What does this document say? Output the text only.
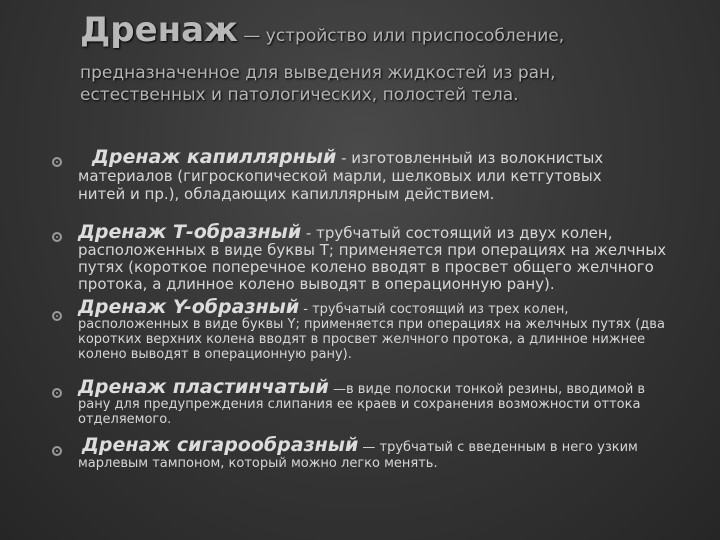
Дренаж — устройство или приспособление,
предназначенное для выведения жидкостей из ран, естественных и патологических, полостей тела.
Дренаж капиллярный - изготовленный из волокнистых материалов (гигроскопической марли, шелковых или кетгутовых нитей и пр.), обладающих капиллярным действием.
Дренаж Т-образный - трубчатый состоящий из двух колен, расположенных в виде буквы Т; применяется при операциях на желчных путях (короткое поперечное колено вводят в просвет общего желчного протока, а длинное колено выводят в операционную рану).
Дренаж Y-образный - трубчатый состоящий из трех колен, расположенных в виде буквы Y; применяется при операциях на желчных путях (два коротких верхних колена вводят в просвет желчного протока, а длинное нижнее колено выводят в операционную рану).
Дренаж пластинчатый —в виде полоски тонкой резины, вводимой в рану для предупреждения слипания ее краев и сохранения возможности оттока отделяемого.
Дренаж сигарообразный — трубчатый с введенным в него узким марлевым тампоном, который можно легко менять.
